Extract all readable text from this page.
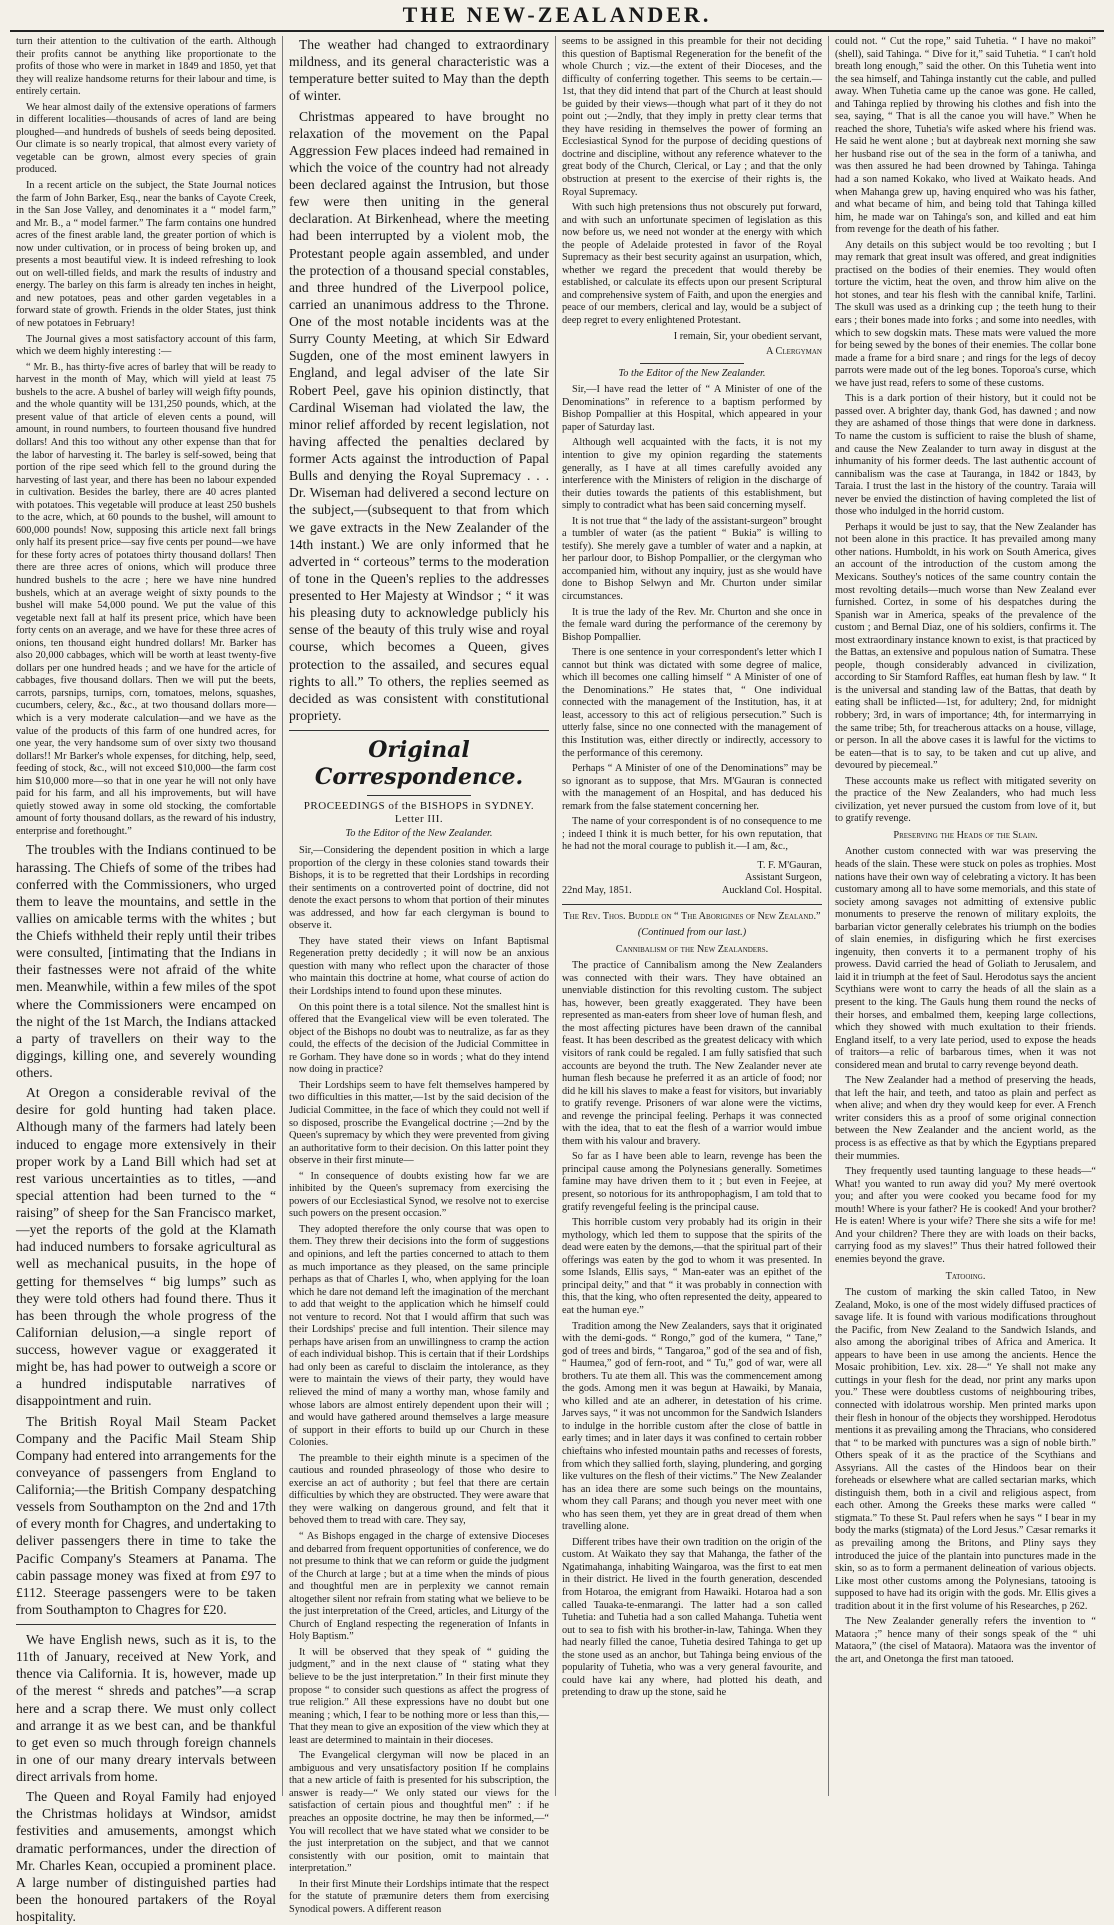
THE NEW-ZEALANDER.

turn their attention to the cultivation of the earth. Although their profits cannot be anything like proportionate to the profits of those who were in market in 1849 and 1850, yet that they will realize handsome returns for their labour and time, is entirely certain.

We hear almost daily of the extensive operations of farmers in different localities—thousands of acres of land are being ploughed—and hundreds of bushels of seeds being deposited. Our climate is so nearly tropical, that almost every variety of vegetable can be grown, almost every species of grain produced.

In a recent article on the subject, the State Journal notices the farm of John Barker, Esq., near the banks of Cayote Creek, in the San Jose Valley, and denominates it a “ model farm,” and Mr. B., a “ model farmer.” The farm contains one hundred acres of the finest arable land, the greater portion of which is now under cultivation, or in process of being broken up, and presents a most beautiful view. It is indeed refreshing to look out on well-tilled fields, and mark the results of industry and energy. The barley on this farm is already ten inches in height, and new potatoes, peas and other garden vegetables in a forward state of growth. Friends in the older States, just think of new potatoes in February!

The Journal gives a most satisfactory account of this farm, which we deem highly interesting :—

“ Mr. B., has thirty-five acres of barley that will be ready to harvest in the month of May, which will yield at least 75 bushels to the acre. A bushel of barley will weigh fifty pounds, and the whole quantity will be 131,250 pounds, which, at the present value of that article of eleven cents a pound, will amount, in round numbers, to fourteen thousand five hundred dollars! And this too without any other expense than that for the labor of harvesting it. The barley is self-sowed, being that portion of the ripe seed which fell to the ground during the harvesting of last year, and there has been no labour expended in cultivation. Besides the barley, there are 40 acres planted with potatoes. This vegetable will produce at least 250 bushels to the acre, which, at 60 pounds to the bushel, will amount to 600,000 pounds! Now, supposing this article next fall brings only half its present price—say five cents per pound—we have for these forty acres of potatoes thirty thousand dollars! Then there are three acres of onions, which will produce three hundred bushels to the acre ; here we have nine hundred bushels, which at an average weight of sixty pounds to the bushel will make 54,000 pound. We put the value of this vegetable next fall at half its present price, which have been forty cents on an average, and we have for these three acres of onions, ten thousand eight hundred dollars! Mr. Barker has also 20,000 cabbages, which will be worth at least twenty-five dollars per one hundred heads ; and we have for the article of cabbages, five thousand dollars. Then we will put the beets, carrots, parsnips, turnips, corn, tomatoes, melons, squashes, cucumbers, celery, &c., &c., at two thousand dollars more—which is a very moderate calculation—and we have as the value of the products of this farm of one hundred acres, for one year, the very handsome sum of over sixty two thousand dollars!! Mr Barker's whole expenses, for ditching, help, seed, feeding of stock, &c., will not exceed $10,000—the farm cost him $10,000 more—so that in one year he will not only have paid for his farm, and all his improvements, but will have quietly stowed away in some old stocking, the comfortable amount of forty thousand dollars, as the reward of his industry, enterprise and forethought.”

The troubles with the Indians continued to be harassing. The Chiefs of some of the tribes had conferred with the Commissioners, who urged them to leave the mountains, and settle in the vallies on amicable terms with the whites ; but the Chiefs withheld their reply until their tribes were consulted, [intimating that the Indians in their fastnesses were not afraid of the white men. Meanwhile, within a few miles of the spot where the Commissioners were encamped on the night of the 1st March, the Indians attacked a party of travellers on their way to the diggings, killing one, and severely wounding others.

At Oregon a considerable revival of the desire for gold hunting had taken place. Although many of the farmers had lately been induced to engage more extensively in their proper work by a Land Bill which had set at rest various uncertainties as to titles, —and special attention had been turned to the “ raising” of sheep for the San Francisco market, —yet the reports of the gold at the Klamath had induced numbers to forsake agricultural as well as mechanical pusuits, in the hope of getting for themselves “ big lumps” such as they were told others had found there. Thus it has been through the whole progress of the Californian delusion,—a single report of success, however vague or exaggerated it might be, has had power to outweigh a score or a hundred indisputable narratives of disappointment and ruin.

The British Royal Mail Steam Packet Company and the Pacific Mail Steam Ship Company had entered into arrangements for the conveyance of passengers from England to California;—the British Company despatching vessels from Southampton on the 2nd and 17th of every month for Chagres, and undertaking to deliver passengers there in time to take the Pacific Company's Steamers at Panama. The cabin passage money was fixed at from £97 to £112. Steerage passengers were to be taken from Southampton to Chagres for £20.

We have English news, such as it is, to the 11th of January, received at New York, and thence via California. It is, however, made up of the merest “ shreds and patches”—a scrap here and a scrap there. We must only collect and arrange it as we best can, and be thankful to get even so much through foreign channels in one of our many dreary intervals between direct arrivals from home.

The Queen and Royal Family had enjoyed the Christmas holidays at Windsor, amidst festivities and amusements, amongst which dramatic performances, under the direction of Mr. Charles Kean, occupied a prominent place. A large number of distinguished parties had been the honoured partakers of the Royal hospitality.

The weather had changed to extraordinary mildness, and its general characteristic was a temperature better suited to May than the depth of winter.

Christmas appeared to have brought no relaxation of the movement on the Papal Aggression Few places indeed had remained in which the voice of the country had not already been declared against the Intrusion, but those few were then uniting in the general declaration. At Birkenhead, where the meeting had been interrupted by a violent mob, the Protestant people again assembled, and under the protection of a thousand special constables, and three hundred of the Liverpool police, carried an unanimous address to the Throne. One of the most notable incidents was at the Surry County Meeting, at which Sir Edward Sugden, one of the most eminent lawyers in England, and legal adviser of the late Sir Robert Peel, gave his opinion distinctly, that Cardinal Wiseman had violated the law, the minor relief afforded by recent legislation, not having affected the penalties declared by former Acts against the introduction of Papal Bulls and denying the Royal Supremacy . . . Dr. Wiseman had delivered a second lecture on the subject,—(subsequent to that from which we gave extracts in the New Zealander of the 14th instant.) We are only informed that he adverted in “ corteous” terms to the moderation of tone in the Queen's replies to the addresses presented to Her Majesty at Windsor ; “ it was his pleasing duty to acknowledge publicly his sense of the beauty of this truly wise and royal course, which becomes a Queen, gives protection to the assailed, and secures equal rights to all.” To others, the replies seemed as decided as was consistent with constitutional propriety.

Original Correspondence.
PROCEEDINGS of the BISHOPS in SYDNEY. Letter III.
To the Editor of the New Zealander.

Sir,—Considering the dependent position in which a large proportion of the clergy in these colonies stand towards their Bishops, it is to be regretted that their Lordships in recording their sentiments on a controverted point of doctrine, did not denote the exact persons to whom that portion of their minutes was addressed, and how far each clergyman is bound to observe it.

They have stated their views on Infant Baptismal Regeneration pretty decidedly ; it will now be an anxious question with many who reflect upon the character of those who maintain this doctrine at home, what course of action do their Lordships intend to found upon these minutes.

On this point there is a total silence. Not the smallest hint is offered that the Evangelical view will be even tolerated. The object of the Bishops no doubt was to neutralize, as far as they could, the effects of the decision of the Judicial Committee in re Gorham. They have done so in words ; what do they intend now doing in practice?

Their Lordships seem to have felt themselves hampered by two difficulties in this matter,—1st by the said decision of the Judicial Committee, in the face of which they could not well if so disposed, proscribe the Evangelical doctrine ;—2nd by the Queen's supremacy by which they were prevented from giving an authoritative form to their decision. On this latter point they observe in their first minute—

“ In consequence of doubts existing how far we are inhibited by the Queen's supremacy from exercising the powers of our Ecclesiastical Synod, we resolve not to exercise such powers on the present occasion.”

They adopted therefore the only course that was open to them. They threw their decisions into the form of suggestions and opinions, and left the parties concerned to attach to them as much importance as they pleased, on the same principle perhaps as that of Charles I, who, when applying for the loan which he dare not demand left the imagination of the merchant to add that weight to the application which he himself could not venture to record. Not that I would affirm that such was their Lordships' precise and full intention. Their silence may perhaps have arisen from an unwillingness to cramp the action of each individual bishop. This is certain that if their Lordships had only been as careful to disclaim the intolerance, as they were to maintain the views of their party, they would have relieved the mind of many a worthy man, whose family and whose labors are almost entirely dependent upon their will ; and would have gathered around themselves a large measure of support in their efforts to build up our Church in these Colonies.

The preamble to their eighth minute is a specimen of the cautious and rounded phraseology of those who desire to exercise an act of authority ; but feel that there are certain difficulties by which they are obstructed. They were aware that they were walking on dangerous ground, and felt that it behoved them to tread with care. They say,

“ As Bishops engaged in the charge of extensive Dioceses and debarred from frequent opportunities of conference, we do not presume to think that we can reform or guide the judgment of the Church at large ; but at a time when the minds of pious and thoughtful men are in perplexity we cannot remain altogether silent nor refrain from stating what we believe to be the just interpretation of the Creed, articles, and Liturgy of the Church of England respecting the regeneration of Infants in Holy Baptism.”

It will be observed that they speak of “ guiding the judgment,” and in the next clause of “ stating what they believe to be the just interpretation.” In their first minute they propose “ to consider such questions as affect the progress of true religion.” All these expressions have no doubt but one meaning ; which, I fear to be nothing more or less than this,—That they mean to give an exposition of the view which they at least are determined to maintain in their dioceses.

The Evangelical clergyman will now be placed in an ambiguous and very unsatisfactory position If he complains that a new article of faith is presented for his subscription, the answer is ready—“ We only stated our views for the satisfaction of certain pious and thoughtful men” : if he preaches an opposite doctrine, he may then be informed,—“ You will recollect that we have stated what we consider to be the just interpretation on the subject, and that we cannot consistently with our position, omit to maintain that interpretation.”

In their first Minute their Lordships intimate that the respect for the statute of præmunire deters them from exercising Synodical powers. A different reason

seems to be assigned in this preamble for their not deciding this question of Baptismal Regeneration for the benefit of the whole Church ; viz.—the extent of their Dioceses, and the difficulty of conferring together. This seems to be certain.—1st, that they did intend that part of the Church at least should be guided by their views—though what part of it they do not point out ;—2ndly, that they imply in pretty clear terms that they have residing in themselves the power of forming an Ecclesiastical Synod for the purpose of deciding questions of doctrine and discipline, without any reference whatever to the great body of the Church, Clerical, or Lay ; and that the only obstruction at present to the exercise of their rights is, the Royal Supremacy.

With such high pretensions thus not obscurely put forward, and with such an unfortunate specimen of legislation as this now before us, we need not wonder at the energy with which the people of Adelaide protested in favor of the Royal Supremacy as their best security against an usurpation, which, whether we regard the precedent that would thereby be established, or calculate its effects upon our present Scriptural and comprehensive system of Faith, and upon the energies and peace of our members, clerical and lay, would be a subject of deep regret to every enlightened Protestant.

I remain, Sir, your obedient servant,

A Clergyman

To the Editor of the New Zealander.

Sir,—I have read the letter of “ A Minister of one of the Denominations” in reference to a baptism performed by Bishop Pompallier at this Hospital, which appeared in your paper of Saturday last.

Although well acquainted with the facts, it is not my intention to give my opinion regarding the statements generally, as I have at all times carefully avoided any interference with the Ministers of religion in the discharge of their duties towards the patients of this establishment, but simply to contradict what has been said concerning myself.

It is not true that “ the lady of the assistant-surgeon” brought a tumbler of water (as the patient “ Bukia” is willing to testify). She merely gave a tumbler of water and a napkin, at her parlour door, to Bishop Pompallier, or the clergyman who accompanied him, without any inquiry, just as she would have done to Bishop Selwyn and Mr. Churton under similar circumstances.

It is true the lady of the Rev. Mr. Churton and she once in the female ward during the performance of the ceremony by Bishop Pompallier.

There is one sentence in your correspondent's letter which I cannot but think was dictated with some degree of malice, which ill becomes one calling himself “ A Minister of one of the Denominations.” He states that, “ One individual connected with the management of the Institution, has, it at least, accessory to this act of religious persecution.” Such is utterly false, since no one connected with the management of this Institution was, either directly or indirectly, accessory to the performance of this ceremony.

Perhaps “ A Minister of one of the Denominations” may be so ignorant as to suppose, that Mrs. M'Gauran is connected with the management of an Hospital, and has deduced his remark from the false statement concerning her.

The name of your correspondent is of no consequence to me ; indeed I think it is much better, for his own reputation, that he had not the moral courage to publish it.—I am, &c.,

22nd May, 1851.
T. F. M'Gauran,
Assistant Surgeon,
Auckland Col. Hospital.
The Rev. Thos. Buddle on “ The Aborigines of New Zealand.”
(Continued from our last.)
Cannibalism of the New Zealanders.

The practice of Cannibalism among the New Zealanders was connected with their wars. They have obtained an unenviable distinction for this revolting custom. The subject has, however, been greatly exaggerated. They have been represented as man-eaters from sheer love of human flesh, and the most affecting pictures have been drawn of the cannibal feast. It has been described as the greatest delicacy with which visitors of rank could be regaled. I am fully satisfied that such accounts are beyond the truth. The New Zealander never ate human flesh because he preferred it as an article of food; nor did he kill his slaves to make a feast for visitors, but invariably to gratify revenge. Prisoners of war alone were the victims, and revenge the principal feeling. Perhaps it was connected with the idea, that to eat the flesh of a warrior would imbue them with his valour and bravery.

So far as I have been able to learn, revenge has been the principal cause among the Polynesians generally. Sometimes famine may have driven them to it ; but even in Feejee, at present, so notorious for its anthropophagism, I am told that to gratify revengeful feeling is the principal cause.

This horrible custom very probably had its origin in their mythology, which led them to suppose that the spirits of the dead were eaten by the demons,—that the spiritual part of their offerings was eaten by the god to whom it was presented. In some Islands, Ellis says, “ Man-eater was an epithet of the principal deity,” and that “ it was probably in connection with this, that the king, who often represented the deity, appeared to eat the human eye.”

Tradition among the New Zealanders, says that it originated with the demi-gods. “ Rongo,” god of the kumera, “ Tane,” god of trees and birds, “ Tangaroa,” god of the sea and of fish, “ Haumea,” god of fern-root, and “ Tu,” god of war, were all brothers. Tu ate them all. This was the commencement among the gods. Among men it was begun at Hawaiki, by Manaia, who killed and ate an adherer, in detestation of his crime. Jarves says, “ it was not uncommon for the Sandwich Islanders to indulge in the horrible custom after the close of battle in early times; and in later days it was confined to certain robber chieftains who infested mountain paths and recesses of forests, from which they sallied forth, slaying, plundering, and gorging like vultures on the flesh of their victims.” The New Zealander has an idea there are some such beings on the mountains, whom they call Parans; and though you never meet with one who has seen them, yet they are in great dread of them when travelling alone.

Different tribes have their own tradition on the origin of the custom. At Waikato they say that Mahanga, the father of the Ngatimahanga, inhabiting Waingaroa, was the first to eat men in their district. He lived in the fourth generation, descended from Hotaroa, the emigrant from Hawaiki. Hotaroa had a son called Tauaka-te-enmarangi. The latter had a son called Tuhetia: and Tuhetia had a son called Mahanga. Tuhetia went out to sea to fish with his brother-in-law, Tahinga. When they had nearly filled the canoe, Tuhetia desired Tahinga to get up the stone used as an anchor, but Tahinga being envious of the popularity of Tuhetia, who was a very general favourite, and could have kai any where, had plotted his death, and pretending to draw up the stone, said he

could not. “ Cut the rope,” said Tuhetia. “ I have no makoi” (shell), said Tahinga. “ Dive for it,” said Tuhetia. “ I can't hold breath long enough,” said the other. On this Tuhetia went into the sea himself, and Tahinga instantly cut the cable, and pulled away. When Tuhetia came up the canoe was gone. He called, and Tahinga replied by throwing his clothes and fish into the sea, saying, “ That is all the canoe you will have.” When he reached the shore, Tuhetia's wife asked where his friend was. He said he went alone ; but at daybreak next morning she saw her husband rise out of the sea in the form of a taniwha, and was then assured he had been drowned by Tahinga. Tahinga had a son named Kokako, who lived at Waikato heads. And when Mahanga grew up, having enquired who was his father, and what became of him, and being told that Tahinga killed him, he made war on Tahinga's son, and killed and eat him from revenge for the death of his father.

Any details on this subject would be too revolting ; but I may remark that great insult was offered, and great indignities practised on the bodies of their enemies. They would often torture the victim, heat the oven, and throw him alive on the hot stones, and tear his flesh with the cannibal knife, Tarlini. The skull was used as a drinking cup ; the teeth hung to their ears ; their bones made into forks ; and some into needles, with which to sew dogskin mats. These mats were valued the more for being sewed by the bones of their enemies. The collar bone made a frame for a bird snare ; and rings for the legs of decoy parrots were made out of the leg bones. Toporoa's curse, which we have just read, refers to some of these customs.

This is a dark portion of their history, but it could not be passed over. A brighter day, thank God, has dawned ; and now they are ashamed of those things that were done in darkness. To name the custom is sufficient to raise the blush of shame, and cause the New Zealander to turn away in disgust at the inhumanity of his former deeds. The last authentic account of cannibalism was the case at Tauranga, in 1842 or 1843, by Taraia. I trust the last in the history of the country. Taraia will never be envied the distinction of having completed the list of those who indulged in the horrid custom.

Perhaps it would be just to say, that the New Zealander has not been alone in this practice. It has prevailed among many other nations. Humboldt, in his work on South America, gives an account of the introduction of the custom among the Mexicans. Southey's notices of the same country contain the most revolting details—much worse than New Zealand ever furnished. Cortez, in some of his despatches during the Spanish war in America, speaks of the prevalence of the custom ; and Bernal Diaz, one of his soldiers, confirms it. The most extraordinary instance known to exist, is that practiced by the Battas, an extensive and populous nation of Sumatra. These people, though considerably advanced in civilization, according to Sir Stamford Raffles, eat human flesh by law. “ It is the universal and standing law of the Battas, that death by eating shall be inflicted—1st, for adultery; 2nd, for midnight robbery; 3rd, in wars of importance; 4th, for intermarrying in the same tribe; 5th, for treacherous attacks on a house, village, or person. In all the above cases it is lawful for the victims to be eaten—that is to say, to be taken and cut up alive, and devoured by piecemeal.”

These accounts make us reflect with mitigated severity on the practice of the New Zealanders, who had much less civilization, yet never pursued the custom from love of it, but to gratify revenge.

Preserving the Heads of the Slain.

Another custom connected with war was preserving the heads of the slain. These were stuck on poles as trophies. Most nations have their own way of celebrating a victory. It has been customary among all to have some memorials, and this state of society among savages not admitting of extensive public monuments to preserve the renown of military exploits, the barbarian victor generally celebrates his triumph on the bodies of slain enemies, in disfiguring which he first exercises ingenuity, then converts it to a permanent trophy of his prowess. David carried the head of Goliath to Jerusalem, and laid it in triumph at the feet of Saul. Herodotus says the ancient Scythians were wont to carry the heads of all the slain as a present to the king. The Gauls hung them round the necks of their horses, and embalmed them, keeping large collections, which they showed with much exultation to their friends. England itself, to a very late period, used to expose the heads of traitors—a relic of barbarous times, when it was not considered mean and brutal to carry revenge beyond death.

The New Zealander had a method of preserving the heads, that left the hair, and teeth, and tatoo as plain and perfect as when alive; and when dry they would keep for ever. A French writer considers this as a proof of some original connection between the New Zealander and the ancient world, as the process is as effective as that by which the Egyptians prepared their mummies.

They frequently used taunting language to these heads—“ What! you wanted to run away did you? My meré overtook you; and after you were cooked you became food for my mouth! Where is your father? He is cooked! And your brother? He is eaten! Where is your wife? There she sits a wife for me! And your children? There they are with loads on their backs, carrying food as my slaves!” Thus their hatred followed their enemies beyond the grave.

Tatooing.

The custom of marking the skin called Tatoo, in New Zealand, Moko, is one of the most widely diffused practices of savage life. It is found with various modifications throughout the Pacific, from New Zealand to the Sandwich Islands, and also among the aboriginal tribes of Africa and America. It appears to have been in use among the ancients. Hence the Mosaic prohibition, Lev. xix. 28—“ Ye shall not make any cuttings in your flesh for the dead, nor print any marks upon you.” These were doubtless customs of neighbouring tribes, connected with idolatrous worship. Men printed marks upon their flesh in honour of the objects they worshipped. Herodotus mentions it as prevailing among the Thracians, who considered that “ to be marked with punctures was a sign of noble birth.” Others speak of it as the practice of the Scythians and Assyrians. All the castes of the Hindoos bear on their foreheads or elsewhere what are called sectarian marks, which distinguish them, both in a civil and religious aspect, from each other. Among the Greeks these marks were called “ stigmata.” To these St. Paul refers when he says “ I bear in my body the marks (stigmata) of the Lord Jesus.” Cæsar remarks it as prevailing among the Britons, and Pliny says they introduced the juice of the plantain into punctures made in the skin, so as to form a permanent delineation of various objects. Like most other customs among the Polynesians, tatooing is supposed to have had its origin with the gods. Mr. Ellis gives a tradition about it in the first volume of his Researches, p 262.

The New Zealander generally refers the invention to “ Mataora ;” hence many of their songs speak of the “ uhi Mataora,” (the cisel of Mataora). Mataora was the inventor of the art, and Onetonga the first man tatooed.
